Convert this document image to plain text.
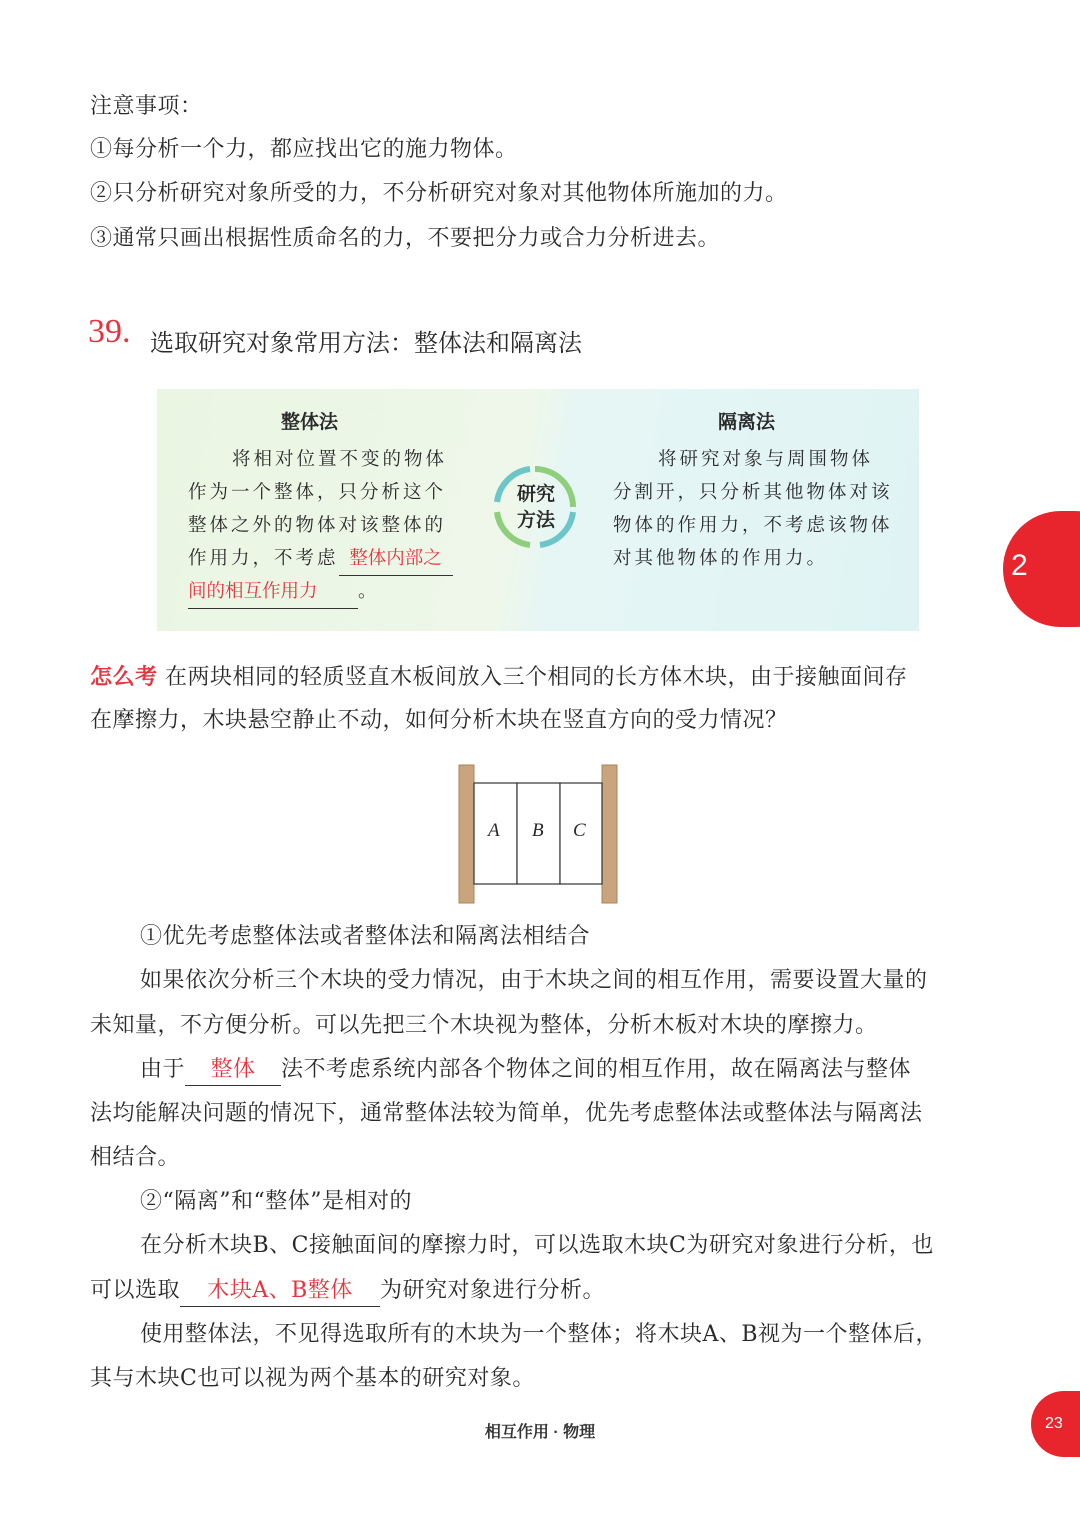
注意事项：
①每分析一个力，都应找出它的施力物体。
②只分析研究对象所受的力，不分析研究对象对其他物体所施加的力。
③通常只画出根据性质命名的力，不要把分力或合力分析进去。
39. 选取研究对象常用方法：整体法和隔离法
整体法
将相对位置不变的物体
作为一个整体，只分析这个
整体之外的物体对该整体的
作用力，不考虑 整体内部之
间的相互作用力 。
研究
方法
隔离法
将研究对象与周围物体
分割开，只分析其他物体对该
物体的作用力，不考虑该物体
对其他物体的作用力。	2
怎么考 在两块相同的轻质竖直木板间放入三个相同的长方体木块，由于接触面间存
在摩擦力，木块悬空静止不动，如何分析木块在竖直方向的受力情况？
A B C
①优先考虑整体法或者整体法和隔离法相结合
如果依次分析三个木块的受力情况，由于木块之间的相互作用，需要设置大量的
未知量，不方便分析。可以先把三个木块视为整体，分析木板对木块的摩擦力。
由于 整体 法不考虑系统内部各个物体之间的相互作用，故在隔离法与整体
法均能解决问题的情况下，通常整体法较为简单，优先考虑整体法或整体法与隔离法
相结合。
②“隔离”和“整体”是相对的
在分析木块B、C接触面间的摩擦力时，可以选取木块C为研究对象进行分析，也
可以选取 木块A、B整体 为研究对象进行分析。
使用整体法，不见得选取所有的木块为一个整体；将木块A、B视为一个整体后，
其与木块C也可以视为两个基本的研究对象。
相互作用 · 物理
23
